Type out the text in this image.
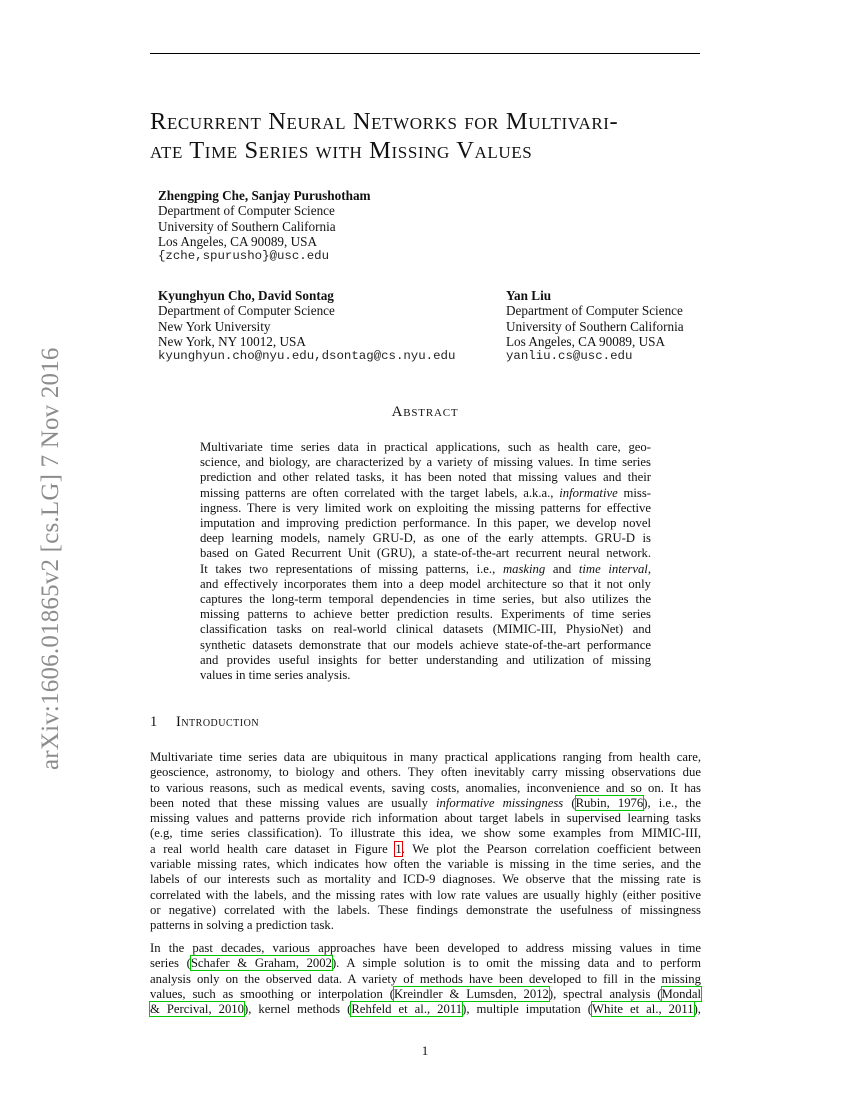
arXiv:1606.01865v2 [cs.LG] 7 Nov 2016
Recurrent Neural Networks for Multivari-
ate Time Series with Missing Values
Zhengping Che, Sanjay Purushotham
Department of Computer Science
University of Southern California
Los Angeles, CA 90089, USA
{zche,spurusho}@usc.edu
Kyunghyun Cho, David Sontag
Department of Computer Science
New York University
New York, NY 10012, USA
kyunghyun.cho@nyu.edu,dsontag@cs.nyu.edu
Yan Liu
Department of Computer Science
University of Southern California
Los Angeles, CA 90089, USA
yanliu.cs@usc.edu
Abstract
Multivariate time series data in practical applications, such as health care, geo-
science, and biology, are characterized by a variety of missing values. In time series
prediction and other related tasks, it has been noted that missing values and their
missing patterns are often correlated with the target labels, a.k.a., informative miss-
ingness. There is very limited work on exploiting the missing patterns for effective
imputation and improving prediction performance. In this paper, we develop novel
deep learning models, namely GRU-D, as one of the early attempts. GRU-D is
based on Gated Recurrent Unit (GRU), a state-of-the-art recurrent neural network.
It takes two representations of missing patterns, i.e., masking and time interval,
and effectively incorporates them into a deep model architecture so that it not only
captures the long-term temporal dependencies in time series, but also utilizes the
missing patterns to achieve better prediction results. Experiments of time series
classification tasks on real-world clinical datasets (MIMIC-III, PhysioNet) and
synthetic datasets demonstrate that our models achieve state-of-the-art performance
and provides useful insights for better understanding and utilization of missing
values in time series analysis.
1 Introduction
Multivariate time series data are ubiquitous in many practical applications ranging from health care,
geoscience, astronomy, to biology and others. They often inevitably carry missing observations due
to various reasons, such as medical events, saving costs, anomalies, inconvenience and so on. It has
been noted that these missing values are usually informative missingness (Rubin, 1976), i.e., the
missing values and patterns provide rich information about target labels in supervised learning tasks
(e.g, time series classification). To illustrate this idea, we show some examples from MIMIC-III,
a real world health care dataset in Figure 1. We plot the Pearson correlation coefficient between
variable missing rates, which indicates how often the variable is missing in the time series, and the
labels of our interests such as mortality and ICD-9 diagnoses. We observe that the missing rate is
correlated with the labels, and the missing rates with low rate values are usually highly (either positive
or negative) correlated with the labels. These findings demonstrate the usefulness of missingness
patterns in solving a prediction task.
In the past decades, various approaches have been developed to address missing values in time
series (Schafer & Graham, 2002). A simple solution is to omit the missing data and to perform
analysis only on the observed data. A variety of methods have been developed to fill in the missing
values, such as smoothing or interpolation (Kreindler & Lumsden, 2012), spectral analysis (Mondal
& Percival, 2010), kernel methods (Rehfeld et al., 2011), multiple imputation (White et al., 2011),
1
